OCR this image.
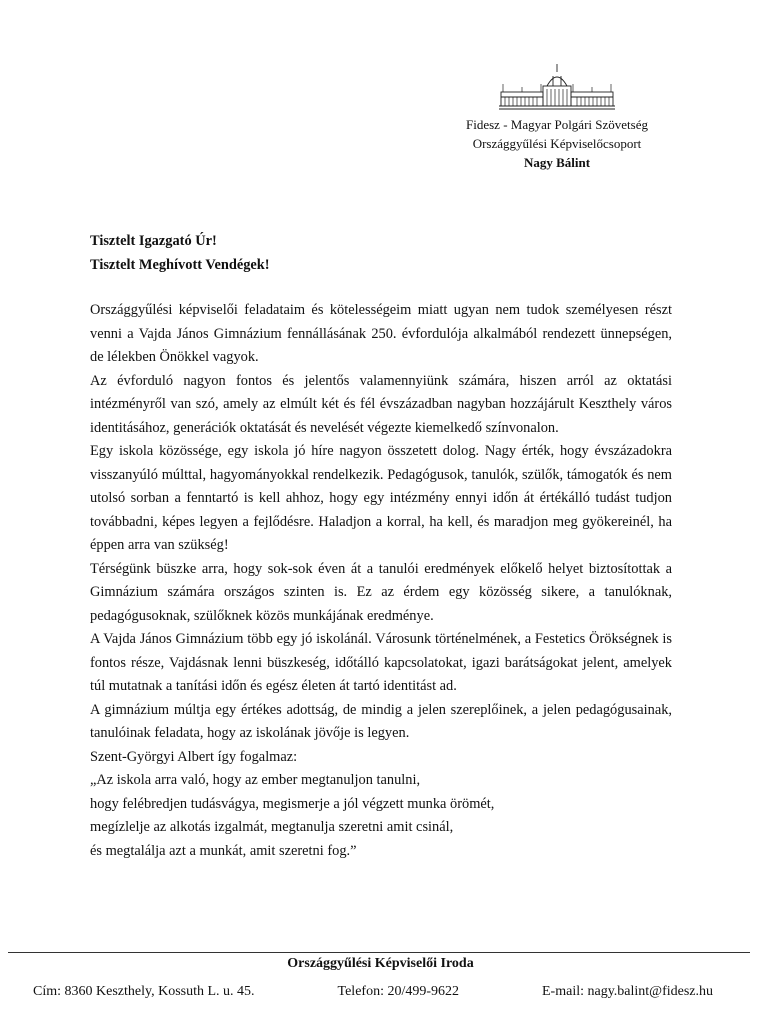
Fidesz - Magyar Polgári Szövetség
Országgyűlési Képviselőcsoport
Nagy Bálint

Tisztelt Igazgató Úr!

Tisztelt Meghívott Vendégek!

Országgyűlési képviselői feladataim és kötelességeim miatt ugyan nem tudok személyesen részt venni a Vajda János Gimnázium fennállásának 250. évfordulója alkalmából rendezett ünnepségen, de lélekben Önökkel vagyok.

Az évforduló nagyon fontos és jelentős valamennyiünk számára, hiszen arról az oktatási intézményről van szó, amely az elmúlt két és fél évszázadban nagyban hozzájárult Keszthely város identitásához, generációk oktatását és nevelését végezte kiemelkedő színvonalon.

Egy iskola közössége, egy iskola jó híre nagyon összetett dolog. Nagy érték, hogy évszázadokra visszanyúló múlttal, hagyományokkal rendelkezik. Pedagógusok, tanulók, szülők, támogatók és nem utolsó sorban a fenntartó is kell ahhoz, hogy egy intézmény ennyi időn át értékálló tudást tudjon továbbadni, képes legyen a fejlődésre. Haladjon a korral, ha kell, és maradjon meg gyökereinél, ha éppen arra van szükség!

Térségünk büszke arra, hogy sok-sok éven át a tanulói eredmények előkelő helyet biztosítottak a Gimnázium számára országos szinten is. Ez az érdem egy közösség sikere, a tanulóknak, pedagógusoknak, szülőknek közös munkájának eredménye.

A Vajda János Gimnázium több egy jó iskolánál. Városunk történelmének, a Festetics Örökségnek is fontos része, Vajdásnak lenni büszkeség, időtálló kapcsolatokat, igazi barátságokat jelent, amelyek túl mutatnak a tanítási időn és egész életen át tartó identitást ad.

A gimnázium múltja egy értékes adottság, de mindig a jelen szereplőinek, a jelen pedagógusainak, tanulóinak feladata, hogy az iskolának jövője is legyen.

Szent-Györgyi Albert így fogalmaz:

„Az iskola arra való, hogy az ember megtanuljon tanulni,

hogy felébredjen tudásvágya, megismerje a jól végzett munka örömét,

megízlelje az alkotás izgalmát, megtanulja szeretni amit csinál,

és megtalálja azt a munkát, amit szeretni fog.”

Országgyűlési Képviselői Iroda
Cím: 8360 Keszthely, Kossuth L. u. 45.	Telefon: 20/499-9622	E-mail: nagy.balint@fidesz.hu
